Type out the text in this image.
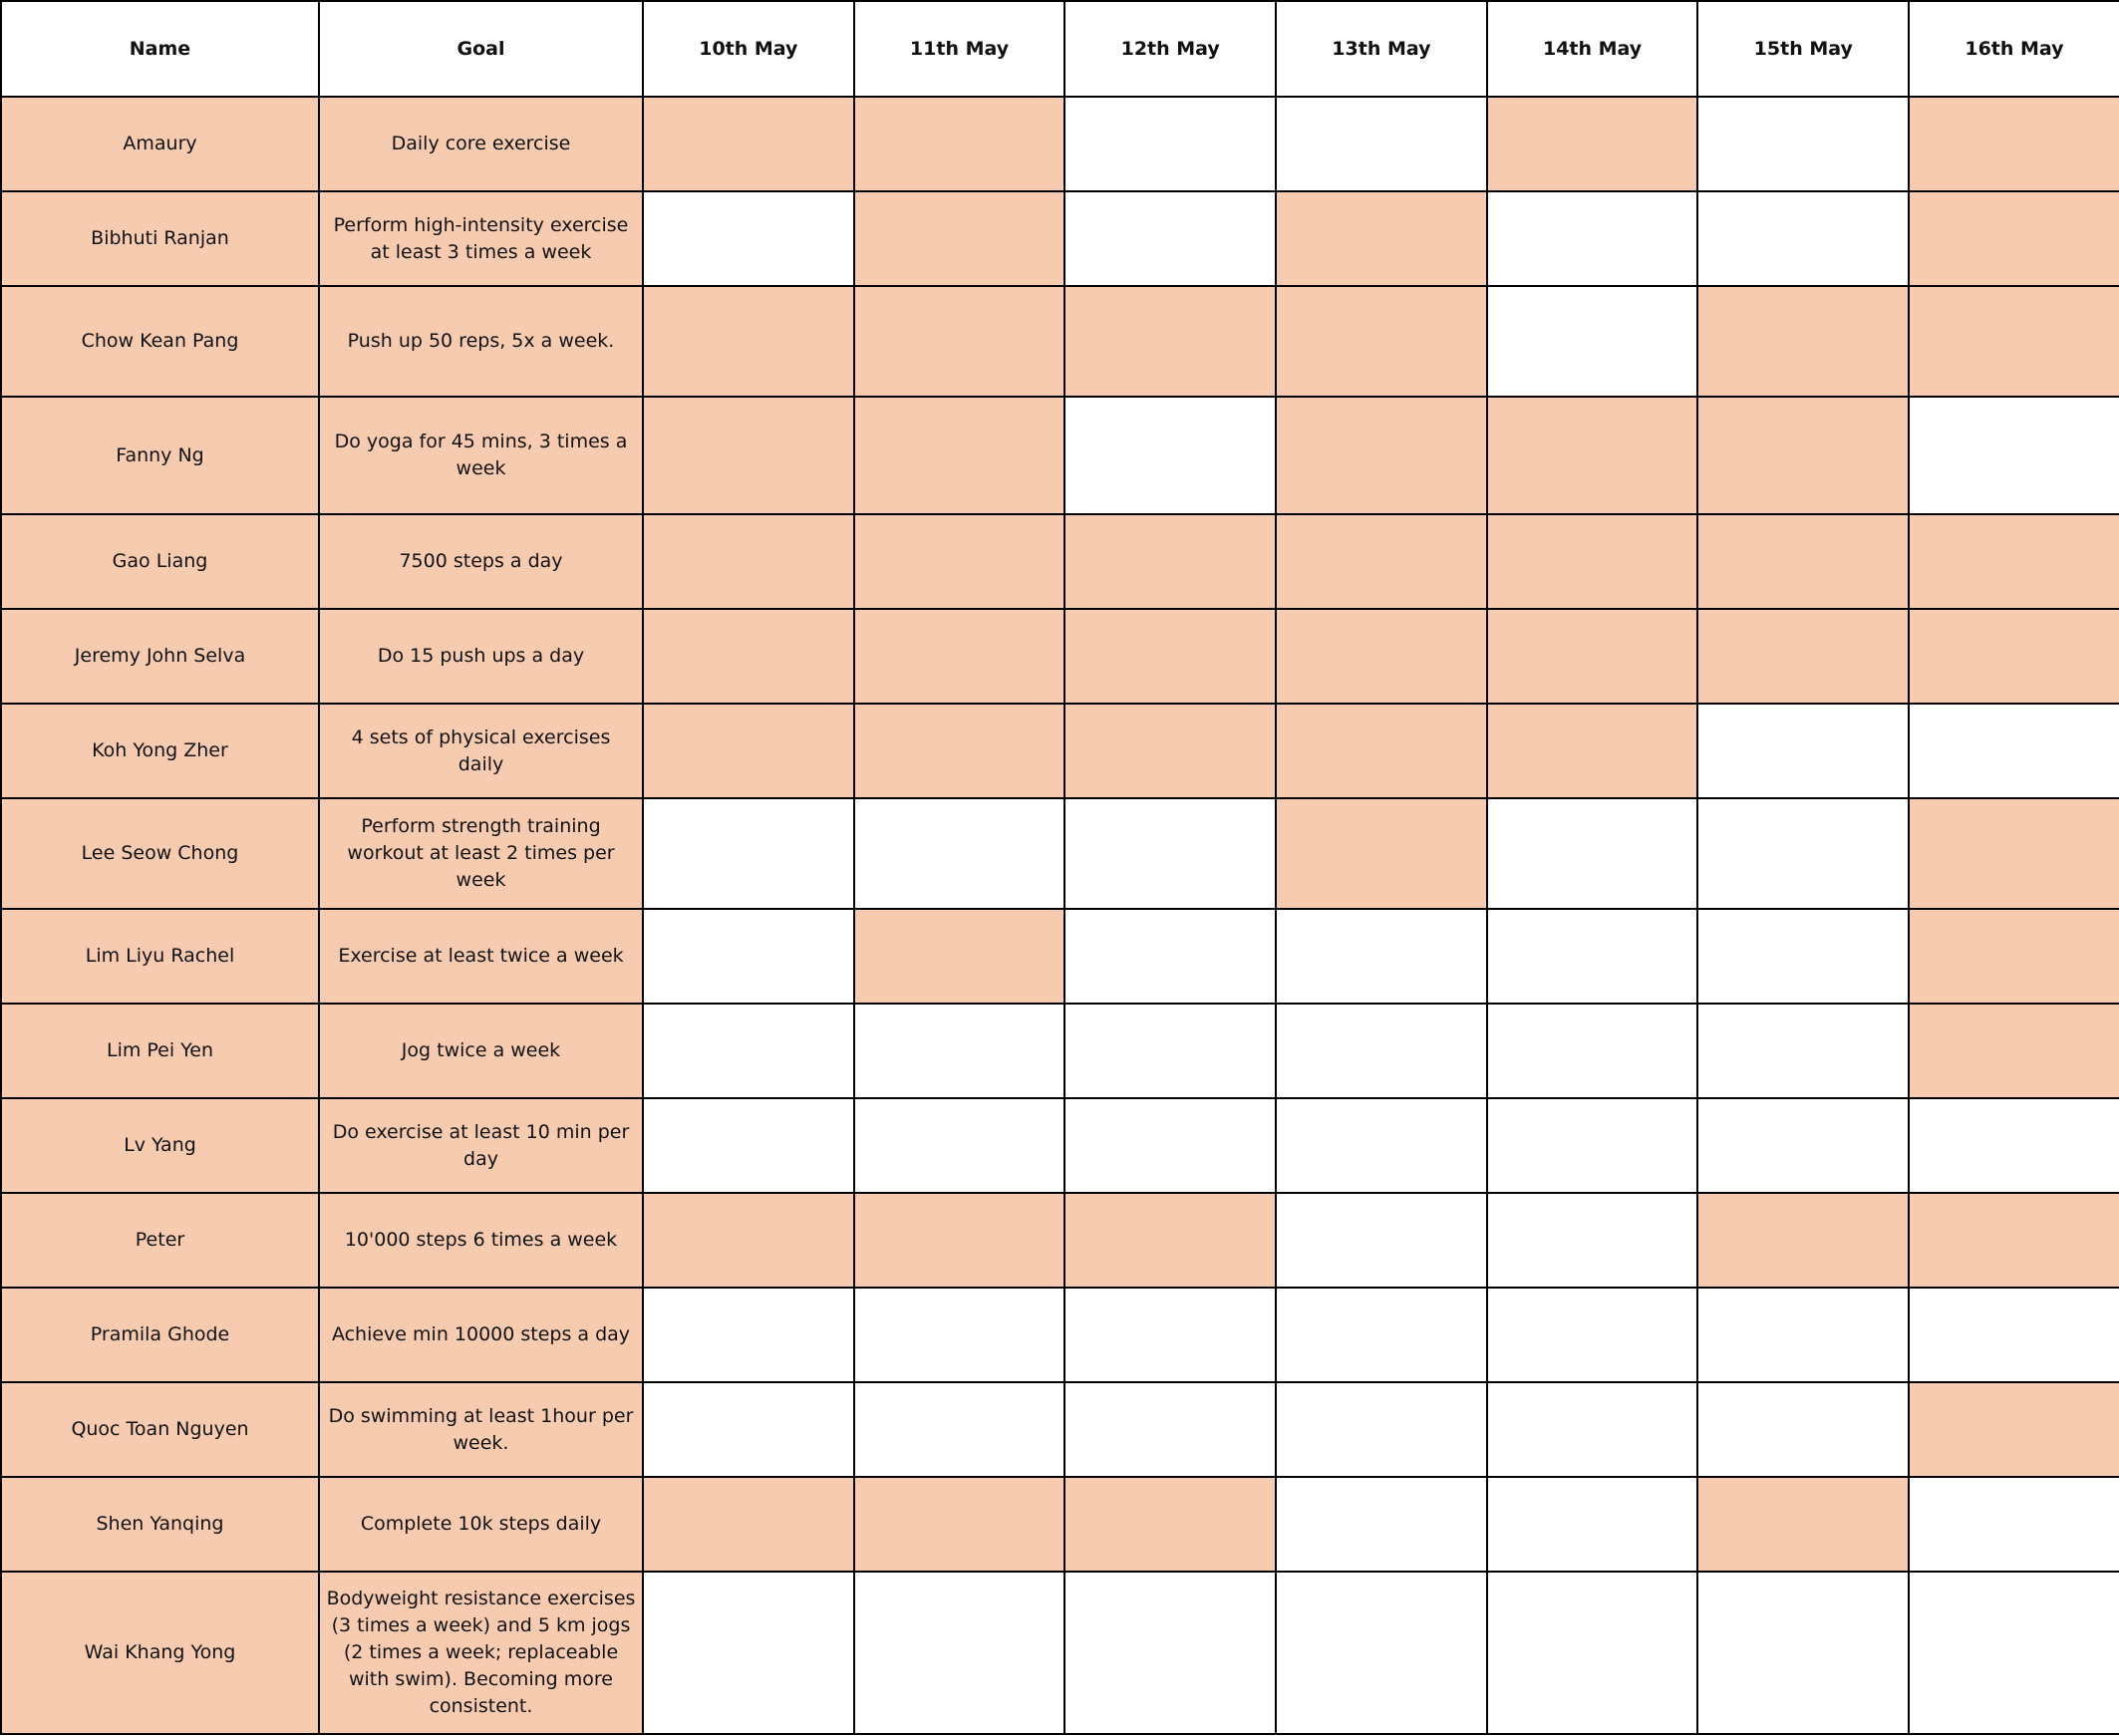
Name	Goal	10th May	11th May	12th May	13th May	14th May	15th May	16th May
Amaury	Daily core exercise							
Bibhuti Ranjan	Perform high-intensity exercise at least 3 times a week							
Chow Kean Pang	Push up 50 reps, 5x a week.							
Fanny Ng	Do yoga for 45 mins, 3 times a week							
Gao Liang	7500 steps a day							
Jeremy John Selva	Do 15 push ups a day							
Koh Yong Zher	4 sets of physical exercises daily							
Lee Seow Chong	Perform strength training workout at least 2 times per week							
Lim Liyu Rachel	Exercise at least twice a week							
Lim Pei Yen	Jog twice a week							
Lv Yang	Do exercise at least 10 min per day							
Peter	10'000 steps 6 times a week							
Pramila Ghode	Achieve min 10000 steps a day							
Quoc Toan Nguyen	Do swimming at least 1hour per week.							
Shen Yanqing	Complete 10k steps daily							
Wai Khang Yong	Bodyweight resistance exercises (3 times a week) and 5 km jogs (2 times a week; replaceable with swim). Becoming more consistent.							
